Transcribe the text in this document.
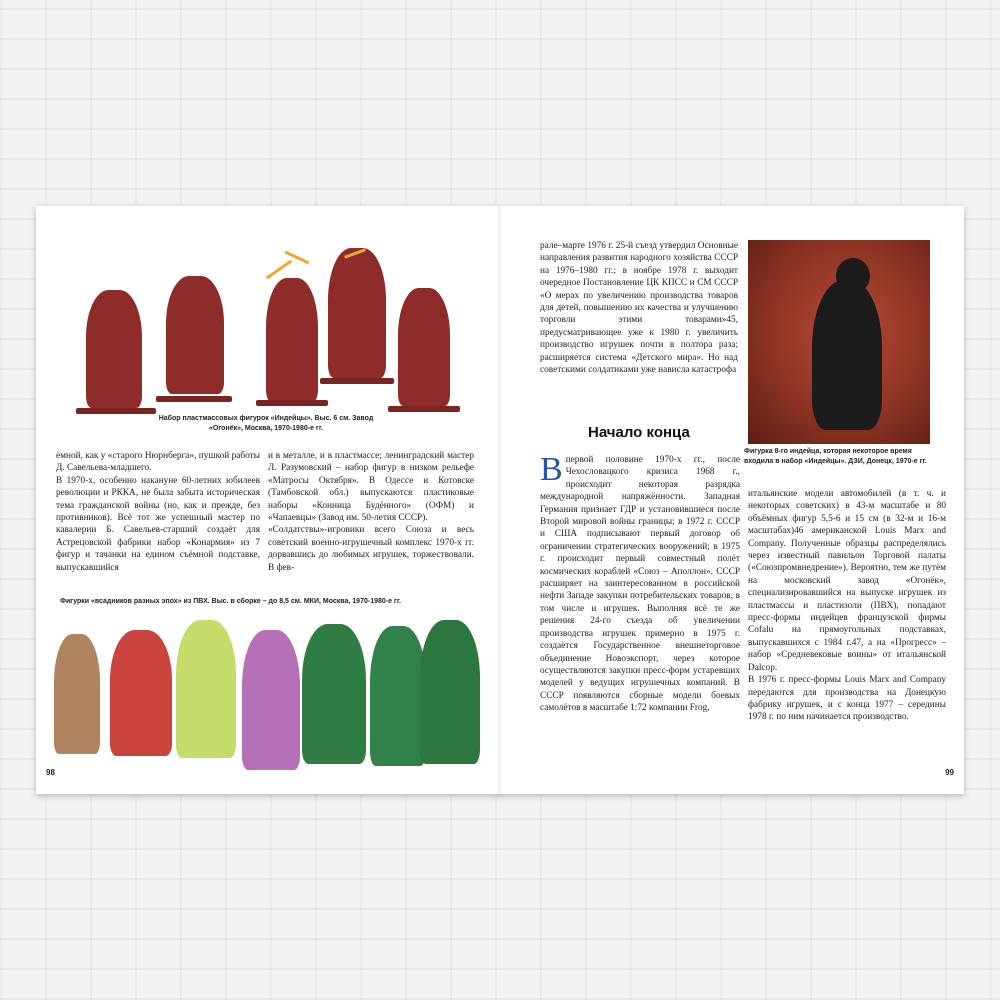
Набор пластмассовых фигурок «Индейцы». Выс. 6 см. Завод «Огонёк», Москва, 1970-1980-е гг.

ёмной, как у «старого Нюрнберга», пушкой работы Д. Савельева-младшего.

В 1970-х, особенно накануне 60-летних юбилеев революции и РККА, не была забыта историческая тема гражданской войны (но, как и прежде, без противников). Всё тот же успешный мастер по кавалерии Б. Савельев-старший создаёт для Астрецовской фабрики набор «Конармия» из 7 фигур и тачанки на едином съёмной подставке, выпускавшийся

и в металле, и в пластмассе; ленинградский мастер Л. Разумовский – набор фигур в низком рельефе «Матросы Октября». В Одессе и Котовске (Тамбовской обл.) выпускаются пластиковые наборы «Конница Будённого» (ОФМ) и «Чапаевцы» (Завод им. 50-летия СССР).

«Солдатствы»-игровики всего Союза и весь советский военно-игрушечный комплекс 1970-х гг. дорвавшись до любимых игрушек, торжествовали. В фев-

Фигурки «всадников разных эпох» из ПВХ. Выс. в сборке – до 8,5 см. МКИ, Москва, 1970-1980-е гг.
98

рале–марте 1976 г. 25-й съезд утвердил Основные направления развития народного хозяйства СССР на 1976–1980 гг.; в ноябре 1978 г. выходит очередное Постановление ЦК КПСС и СМ СССР «О мерах по увеличению производства товаров для детей, повышению их качества и улучшению торговли этими товарами»45, предусматривающее уже к 1980 г. увеличить производство игрушек почти в полтора раза; расширяется система «Детского мира». Но над советскими солдатиками уже нависла катастрофа

Фигурка 8-го индейца, которая некоторое время входила в набор «Индейцы». ДЗИ, Донецк, 1970-е гг.
Начало конца

Впервой половине 1970-х гг., после Чехословацкого кризиса 1968 г., происходит некоторая разрядка международной напряжённости. Западная Германия признает ГДР и установившиеся после Второй мировой войны границы; в 1972 г. СССР и США подписывают первый договор об ограничении стратегических вооружений; в 1975 г. происходит первый совместный полёт космических кораблей «Союз – Аполлон». СССР расширяет на заинтересованном в российской нефти Западе закупки потребительских товаров, в том числе и игрушек. Выполняя всё те же решения 24-го съезда об увеличении производства игрушек примерно в 1975 г. создаётся Государственное внешнеторговое объединение Новоэкспорт, через которое осуществляются закупки пресс-форм устаревших моделей у ведущих игрушечных компаний. В СССР появляются сборные модели боевых самолётов в масштабе 1:72 компании Frog,

итальянские модели автомобилей (в т. ч. и некоторых советских) в 43-м масштабе и 80 объёмных фигур 5,5-6 и 15 см (в 32-м и 16-м масштабах)46 американской Louis Marx and Company. Полученные образцы распределялись через известный павильон Торговой палаты («Союзпромвнедрение»). Вероятно, тем же путём на московский завод «Огонёк», специализировавшийся на выпуске игрушек из пластмассы и пластизоли (ПВХ), попадают пресс-формы индейцев французской фирмы Cofalu на прямоугольных подставках, выпускавшихся с 1984 г.47, а на «Прогресс» – набор «Средневековые воины» от итальянской Dalcop.

В 1976 г. пресс-формы Louis Marx and Company передаются для производства на Донецкую фабрику игрушек, и с конца 1977 – середины 1978 г. по ним начинается производство.

99
